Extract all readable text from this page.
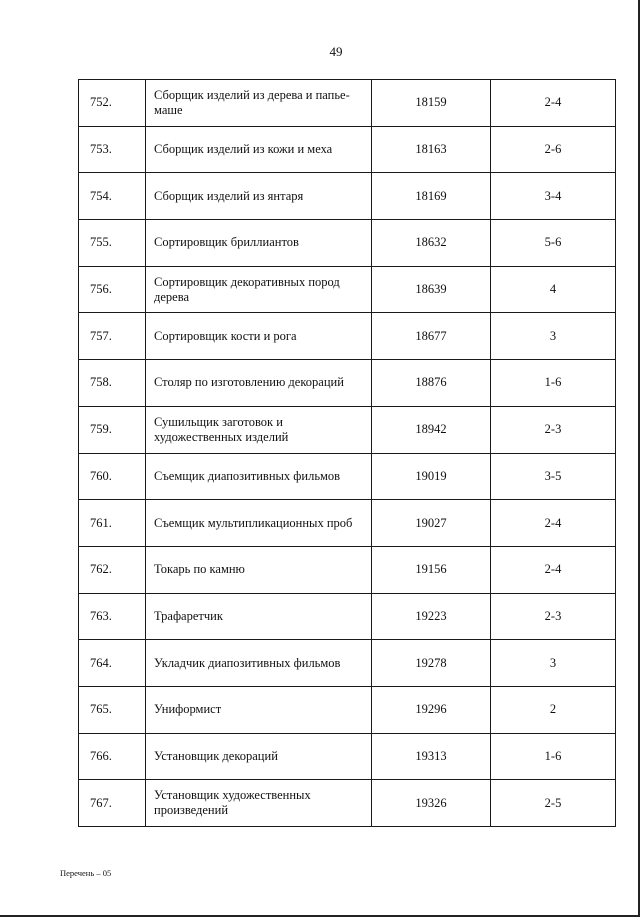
49
752.	Сборщик изделий из дерева и папье-маше	18159	2-4
753.	Сборщик изделий из кожи и меха	18163	2-6
754.	Сборщик изделий из янтаря	18169	3-4
755.	Сортировщик бриллиантов	18632	5-6
756.	Сортировщик декоративных пород дерева	18639	4
757.	Сортировщик кости и рога	18677	3
758.	Столяр по изготовлению декораций	18876	1-6
759.	Сушильщик заготовок и художественных изделий	18942	2-3
760.	Съемщик диапозитивных фильмов	19019	3-5
761.	Съемщик мультипликационных проб	19027	2-4
762.	Токарь по камню	19156	2-4
763.	Трафаретчик	19223	2-3
764.	Укладчик диапозитивных фильмов	19278	3
765.	Униформист	19296	2
766.	Установщик декораций	19313	1-6
767.	Установщик художественных произведений	19326	2-5
Перечень – 05
